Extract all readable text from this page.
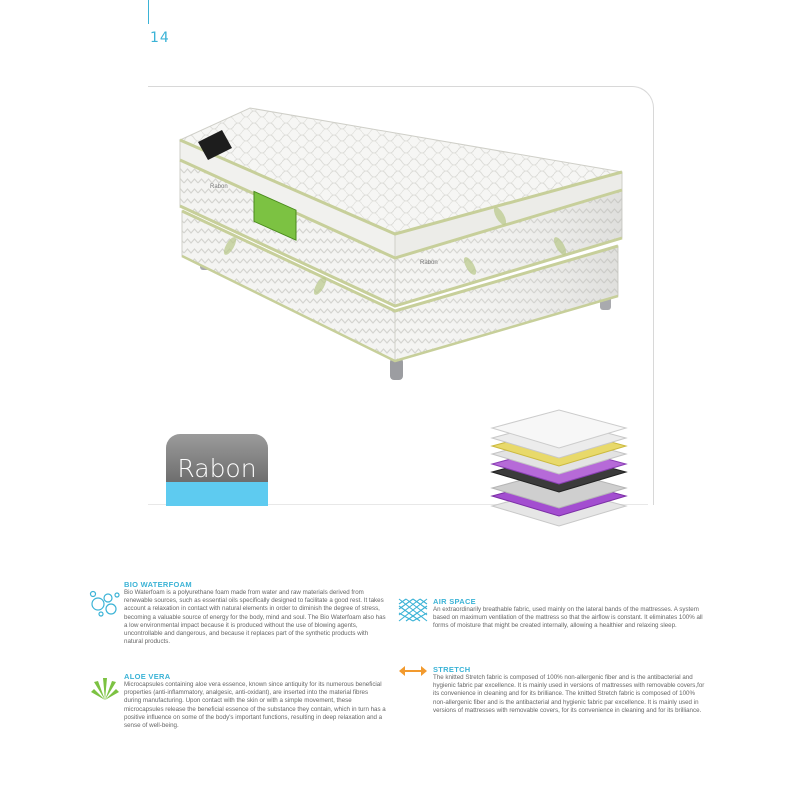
14
Rabon
Rabon
Rabon
BIO WATERFOAM
Bio Waterfoam is a polyurethane foam made from water and raw materials derived from renewable sources, such as essential oils specifically designed to facilitate a good rest. It takes account a relaxation in contact with natural elements in order to diminish the degree of stress, becoming a valuable source of energy for the body, mind and soul. The Bio Waterfoam also has a low environmental impact because it is produced without the use of blowing agents, uncontrollable and dangerous, and because it replaces part of the synthetic products with natural products.
ALOE VERA
Microcapsules containing aloe vera essence, known since antiquity for its numerous beneficial properties (anti-inflammatory, analgesic, anti-oxidant), are inserted into the material fibres during manufacturing. Upon contact with the skin or with a simple movement, these microcapsules release the beneficial essence of the substance they contain, which in turn has a positive influence on some of the body's important functions, resulting in deep relaxation and a sense of well-being.
AIR SPACE
An extraordinarily breathable fabric, used mainly on the lateral bands of the mattresses. A system based on maximum ventilation of the mattress so that the airflow is constant. It eliminates 100% all forms of moisture that might be created internally, allowing a healthier and relaxing sleep.
STRETCH
The knitted Stretch fabric is composed of 100% non-allergenic fiber and is the antibacterial and hygienic fabric par excellence. It is mainly used in versions of mattresses with removable covers,for its convenience in cleaning and for its brilliance. The knitted Stretch fabric is composed of 100% non-allergenic fiber and is the antibacterial and hygienic fabric par excellence. It is mainly used in versions of mattresses with removable covers, for its convenience in cleaning and for its brilliance.
